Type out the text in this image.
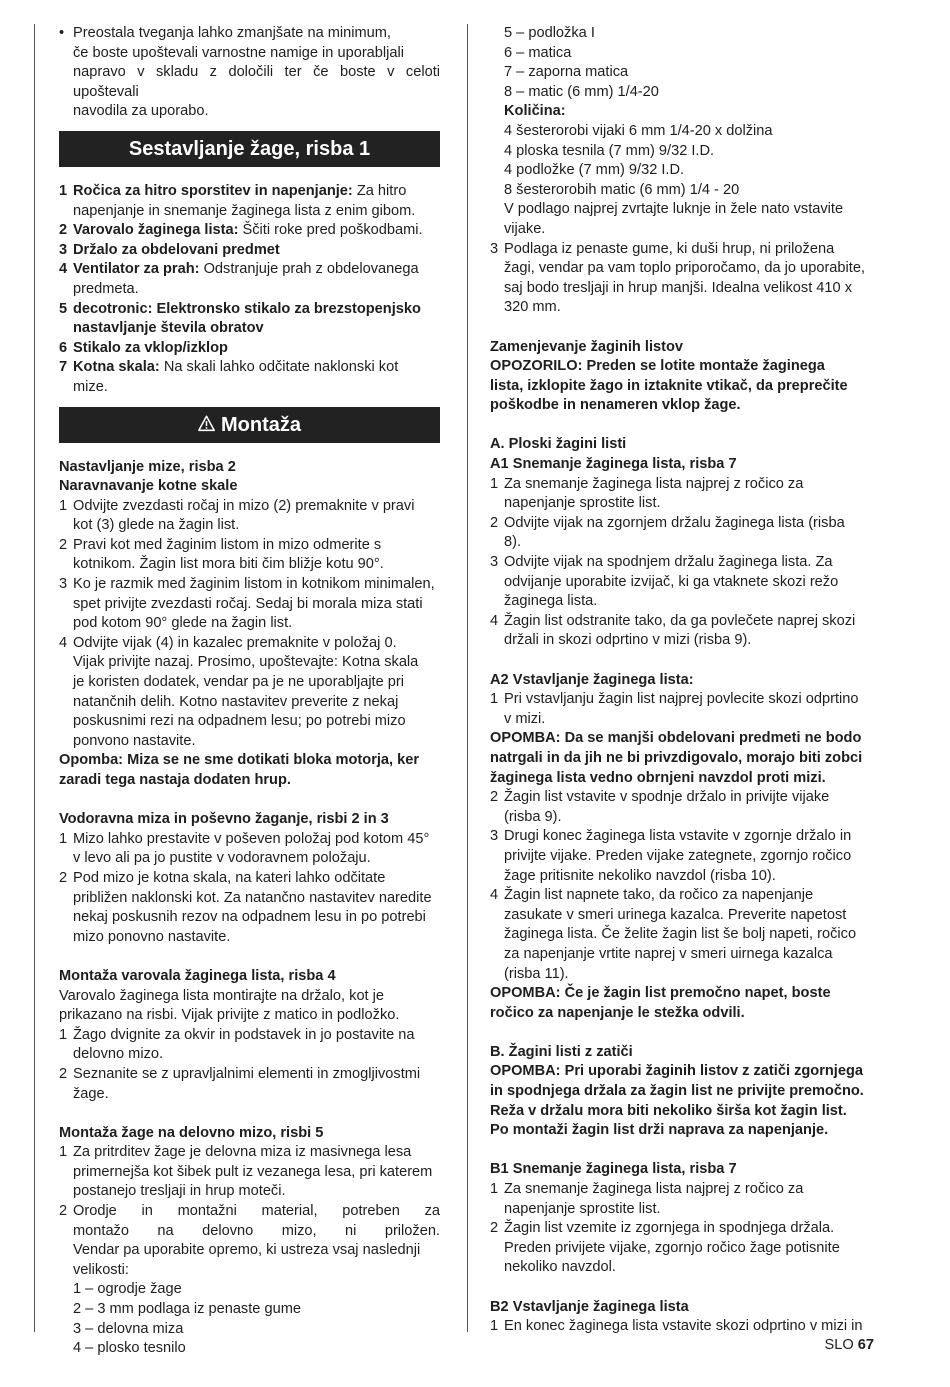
• Preostala tveganja lahko zmanjšate na minimum,
če boste upoštevali varnostne namige in uporabljali
napravo v skladu z določili ter če boste v celoti upoštevali
navodila za uporabo.
Sestavljanje žage, risba 1
1 Ročica za hitro sporstitev in napenjanje: Za hitro
napenjanje in snemanje žaginega lista z enim gibom.
2 Varovalo žaginega lista: Ščiti roke pred poškodbami.
3 Držalo za obdelovani predmet
4 Ventilator za prah: Odstranjuje prah z obdelovanega
predmeta.
5 decotronic: Elektronsko stikalo za brezstopenjsko
nastavljanje števila obratov
6 Stikalo za vklop/izklop
7 Kotna skala: Na skali lahko odčitate naklonski kot
mize.
Montaža
Nastavljanje mize, risba 2
Naravnavanje kotne skale
1 Odvijte zvezdasti ročaj in mizo (2) premaknite v pravi
kot (3) glede na žagin list.
2 Pravi kot med žaginim listom in mizo odmerite s
kotnikom. Žagin list mora biti čim bližje kotu 90°.
3 Ko je razmik med žaginim listom in kotnikom minimalen,
spet privijte zvezdasti ročaj. Sedaj bi morala miza stati
pod kotom 90° glede na žagin list.
4 Odvijte vijak (4) in kazalec premaknite v položaj 0.
Vijak privijte nazaj. Prosimo, upoštevajte: Kotna skala
je koristen dodatek, vendar pa je ne uporabljajte pri
natančnih delih. Kotno nastavitev preverite z nekaj
poskusnimi rezi na odpadnem lesu; po potrebi mizo
ponvono nastavite.
Opomba: Miza se ne sme dotikati bloka motorja, ker
zaradi tega nastaja dodaten hrup.
Vodoravna miza in poševno žaganje, risbi 2 in 3
1 Mizo lahko prestavite v poševen položaj pod kotom 45°
v levo ali pa jo pustite v vodoravnem položaju.
2 Pod mizo je kotna skala, na kateri lahko odčitate
približen naklonski kot. Za natančno nastavitev naredite
nekaj poskusnih rezov na odpadnem lesu in po potrebi
mizo ponovno nastavite.
Montaža varovala žaginega lista, risba 4
Varovalo žaginega lista montirajte na držalo, kot je
prikazano na risbi. Vijak privijte z matico in podložko.
1 Žago dvignite za okvir in podstavek in jo postavite na
delovno mizo.
2 Seznanite se z upravljalnimi elementi in zmogljivostmi
žage.
Montaža žage na delovno mizo, risbi 5
1 Za pritrditev žage je delovna miza iz masivnega lesa
primernejša kot šibek pult iz vezanega lesa, pri katerem
postanejo tresljaji in hrup moteči.
2 Orodje in montažni material, potreben za
montažo na delovno mizo, ni priložen.
Vendar pa uporabite opremo, ki ustreza vsaj naslednji
velikosti:
1 – ogrodje žage
2 – 3 mm podlaga iz penaste gume
3 – delovna miza
4 – plosko tesnilo
5 – podložka I
6 – matica
7 – zaporna matica
8 – matic (6 mm) 1/4-20
Količina:
4 šesterorobi vijaki 6 mm 1/4-20 x dolžina
4 ploska tesnila (7 mm) 9/32 I.D.
4 podložke (7 mm) 9/32 I.D.
8 šesterorobih matic (6 mm) 1/4 - 20
V podlago najprej zvrtajte luknje in žele nato vstavite
vijake.
3 Podlaga iz penaste gume, ki duši hrup, ni priložena
žagi, vendar pa vam toplo priporočamo, da jo uporabite,
saj bodo tresljaji in hrup manjši. Idealna velikost 410 x
320 mm.
Zamenjevanje žaginih listov
OPOZORILO: Preden se lotite montaže žaginega
lista, izklopite žago in iztaknite vtikač, da preprečite
poškodbe in nenameren vklop žage.
A. Ploski žagini listi
A1 Snemanje žaginega lista, risba 7
1 Za snemanje žaginega lista najprej z ročico za
napenjanje sprostite list.
2 Odvijte vijak na zgornjem držalu žaginega lista (risba
8).
3 Odvijte vijak na spodnjem držalu žaginega lista. Za
odvijanje uporabite izvijač, ki ga vtaknete skozi režo
žaginega lista.
4 Žagin list odstranite tako, da ga povlečete naprej skozi
držali in skozi odprtino v mizi (risba 9).
A2 Vstavljanje žaginega lista:
1 Pri vstavljanju žagin list najprej povlecite skozi odprtino
v mizi.
OPOMBA: Da se manjši obdelovani predmeti ne bodo
natrgali in da jih ne bi privzdigovalo, morajo biti zobci
žaginega lista vedno obrnjeni navzdol proti mizi.
2 Žagin list vstavite v spodnje držalo in privijte vijake
(risba 9).
3 Drugi konec žaginega lista vstavite v zgornje držalo in
privijte vijake. Preden vijake zategnete, zgornjo ročico
žage pritisnite nekoliko navzdol (risba 10).
4 Žagin list napnete tako, da ročico za napenjanje
zasukate v smeri urinega kazalca. Preverite napetost
žaginega lista. Če želite žagin list še bolj napeti, ročico
za napenjanje vrtite naprej v smeri uirnega kazalca
(risba 11).
OPOMBA: Če je žagin list premočno napet, boste
ročico za napenjanje le stežka odvili.
B. Žagini listi z zatiči
OPOMBA: Pri uporabi žaginih listov z zatiči zgornjega
in spodnjega držala za žagin list ne privijte premočno.
Reža v držalu mora biti nekoliko širša kot žagin list.
Po montaži žagin list drži naprava za napenjanje.
B1 Snemanje žaginega lista, risba 7
1 Za snemanje žaginega lista najprej z ročico za
napenjanje sprostite list.
2 Žagin list vzemite iz zgornjega in spodnjega držala.
Preden privijete vijake, zgornjo ročico žage potisnite
nekoliko navzdol.
B2 Vstavljanje žaginega lista
1 En konec žaginega lista vstavite skozi odprtino v mizi in
SLO 67
